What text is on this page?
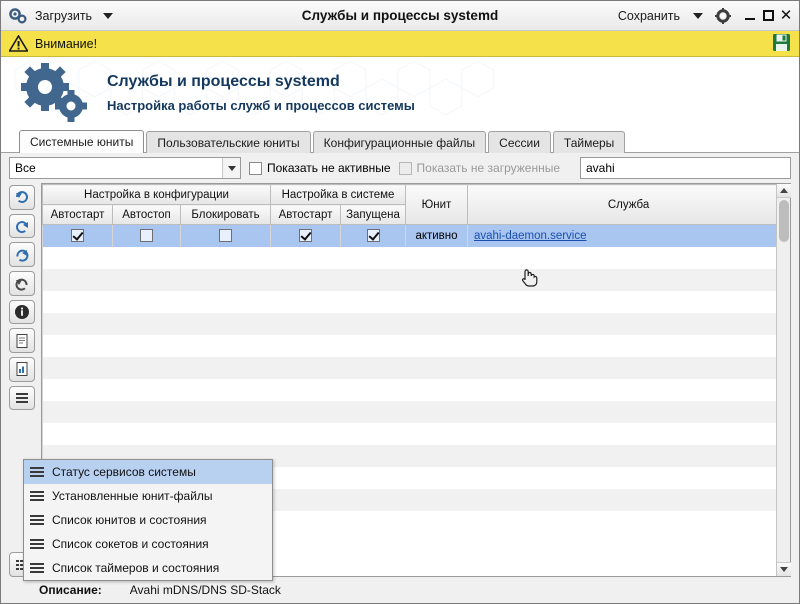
Загрузить	Службы и процессы systemd	Сохранить	✕
Внимание!
Службы и процессы systemd
Настройка работы служб и процессов системы
Системные юниты Пользовательские юниты Конфигурационные файлы Сессии Таймеры
Все	Показать не активные Показать не загруженные avahi
Настройка в конфигурации			Настройка в системе		Юнит	Служба
Автостарт	Автостоп	Блокировать	Автостарт	Запущена		
					активно	avahi-daemon.service

Описание: Avahi mDNS/DNS SD-Stack
Статус сервисов системы
Установленные юнит-файлы
Список юнитов и состояния
Список сокетов и состояния
Список таймеров и состояния
